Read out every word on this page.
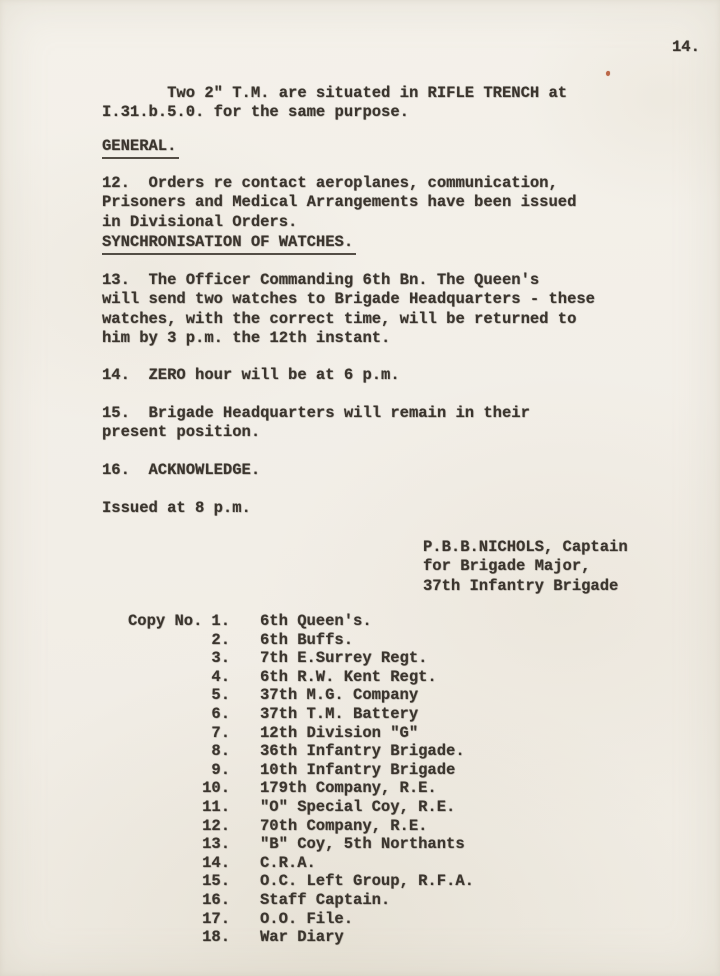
14.
Two 2" T.M. are situated in RIFLE TRENCH at
I.31.b.5.0. for the same purpose.
GENERAL.
12.  Orders re contact aeroplanes, communication,
Prisoners and Medical Arrangements have been issued
in Divisional Orders.
SYNCHRONISATION OF WATCHES.
13.  The Officer Commanding 6th Bn. The Queen's
will send two watches to Brigade Headquarters - these
watches, with the correct time, will be returned to
him by 3 p.m. the 12th instant.
14.  ZERO hour will be at 6 p.m.
15.  Brigade Headquarters will remain in their
present position.
16.  ACKNOWLEDGE.
Issued at 8 p.m.
P.B.B.NICHOLS, Captain
for Brigade Major,
37th Infantry Brigade
Copy No. 1. 6th Queen's.
2. 6th Buffs.
3. 7th E.Surrey Regt.
4. 6th R.W. Kent Regt.
5. 37th M.G. Company
6. 37th T.M. Battery
7. 12th Division "G"
8. 36th Infantry Brigade.
9. 10th Infantry Brigade
10. 179th Company, R.E.
11. "O" Special Coy, R.E.
12. 70th Company, R.E.
13. "B" Coy, 5th Northants
14. C.R.A.
15. O.C. Left Group, R.F.A.
16. Staff Captain.
17. O.O. File.
18. War Diary
